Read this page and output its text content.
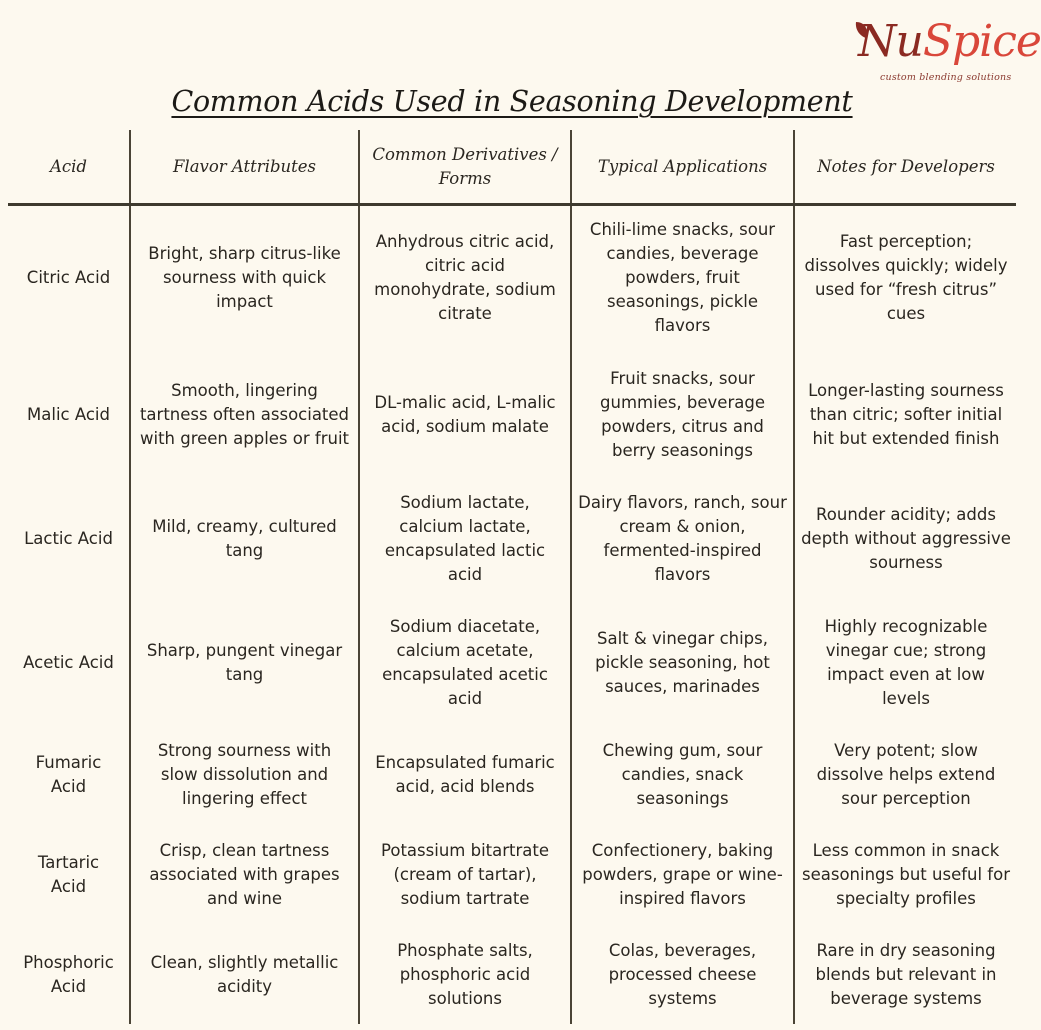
NuSpice
custom blending solutions
Common Acids Used in Seasoning Development
Acid	Flavor Attributes
Common Derivatives / Forms
Typical Applications	Notes for Developers
Citric Acid
Bright, sharp citrus-like sourness with quick impact
Anhydrous citric acid, citric acid monohydrate, sodium citrate
Chili-lime snacks, sour candies, beverage powders, fruit seasonings, pickle flavors
Fast perception; dissolves quickly; widely used for “fresh citrus” cues
Malic Acid
Smooth, lingering tartness often associated with green apples or fruit
DL-malic acid, L-malic acid, sodium malate
Fruit snacks, sour gummies, beverage powders, citrus and berry seasonings
Longer-lasting sourness than citric; softer initial hit but extended finish
Lactic Acid
Mild, creamy, cultured tang
Sodium lactate, calcium lactate, encapsulated lactic acid
Dairy flavors, ranch, sour cream & onion, fermented-inspired flavors
Rounder acidity; adds depth without aggressive sourness
Acetic Acid
Sharp, pungent vinegar tang
Sodium diacetate, calcium acetate, encapsulated acetic acid
Salt & vinegar chips, pickle seasoning, hot sauces, marinades
Highly recognizable vinegar cue; strong impact even at low levels
Fumaric Acid
Strong sourness with slow dissolution and lingering effect
Encapsulated fumaric acid, acid blends
Chewing gum, sour candies, snack seasonings
Very potent; slow dissolve helps extend sour perception
Tartaric Acid
Crisp, clean tartness associated with grapes and wine
Potassium bitartrate (cream of tartar), sodium tartrate
Confectionery, baking powders, grape or wine-inspired flavors
Less common in snack seasonings but useful for specialty profiles
Phosphoric Acid
Clean, slightly metallic acidity
Phosphate salts, phosphoric acid solutions
Colas, beverages, processed cheese systems
Rare in dry seasoning blends but relevant in beverage systems
